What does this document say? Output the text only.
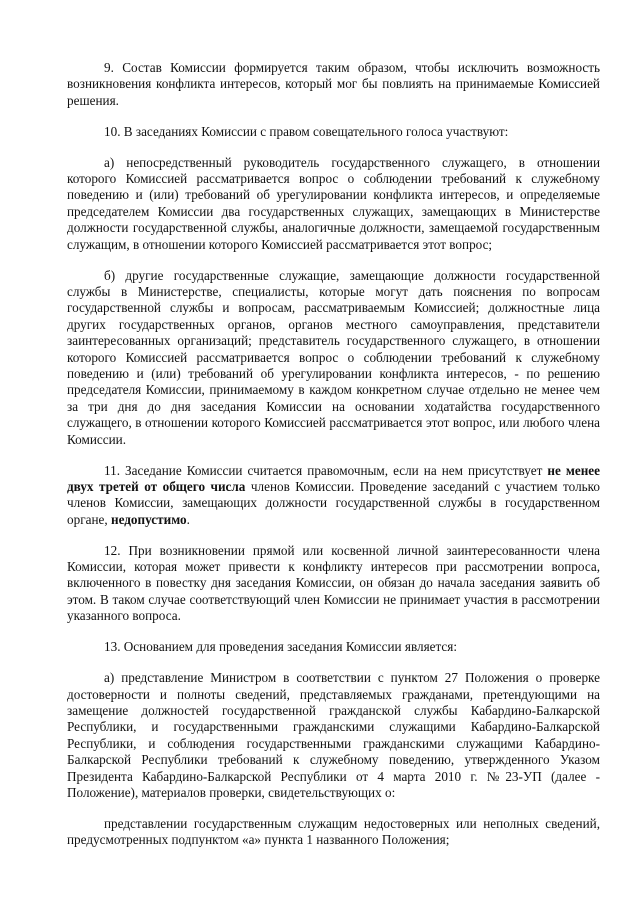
9. Состав Комиссии формируется таким образом, чтобы исключить возможность возникновения конфликта интересов, который мог бы повлиять на принимаемые Комиссией решения.

10. В заседаниях Комиссии с правом совещательного голоса участвуют:

а) непосредственный руководитель государственного служащего, в отношении которого Комиссией рассматривается вопрос о соблюдении требований к служебному поведению и (или) требований об урегулировании конфликта интересов, и определяемые председателем Комиссии два государственных служащих, замещающих в Министерстве должности государственной службы, аналогичные должности, замещаемой государственным служащим, в отношении которого Комиссией рассматривается этот вопрос;

б) другие государственные служащие, замещающие должности государственной службы в Министерстве, специалисты, которые могут дать пояснения по вопросам государственной службы и вопросам, рассматриваемым Комиссией; должностные лица других государственных органов, органов местного самоуправления, представители заинтересованных организаций; представитель государственного служащего, в отношении которого Комиссией рассматривается вопрос о соблюдении требований к служебному поведению и (или) требований об урегулировании конфликта интересов, - по решению председателя Комиссии, принимаемому в каждом конкретном случае отдельно не менее чем за три дня до дня заседания Комиссии на основании ходатайства государственного служащего, в отношении которого Комиссией рассматривается этот вопрос, или любого члена Комиссии.

11. Заседание Комиссии считается правомочным, если на нем присутствует не менее двух третей от общего числа членов Комиссии. Проведение заседаний с участием только членов Комиссии, замещающих должности государственной службы в государственном органе, недопустимо.

12. При возникновении прямой или косвенной личной заинтересованности члена Комиссии, которая может привести к конфликту интересов при рассмотрении вопроса, включенного в повестку дня заседания Комиссии, он обязан до начала заседания заявить об этом. В таком случае соответствующий член Комиссии не принимает участия в рассмотрении указанного вопроса.

13. Основанием для проведения заседания Комиссии является:

а) представление Министром в соответствии с пунктом 27 Положения о проверке достоверности и полноты сведений, представляемых гражданами, претендующими на замещение должностей государственной гражданской службы Кабардино-Балкарской Республики, и государственными гражданскими служащими Кабардино-Балкарской Республики, и соблюдения государственными гражданскими служащими Кабардино-Балкарской Республики требований к служебному поведению, утвержденного Указом Президента Кабардино-Балкарской Республики от 4 марта 2010 г. №23-УП (далее - Положение), материалов проверки, свидетельствующих о:

представлении государственным служащим недостоверных или неполных сведений, предусмотренных подпунктом «а» пункта 1 названного Положения;
